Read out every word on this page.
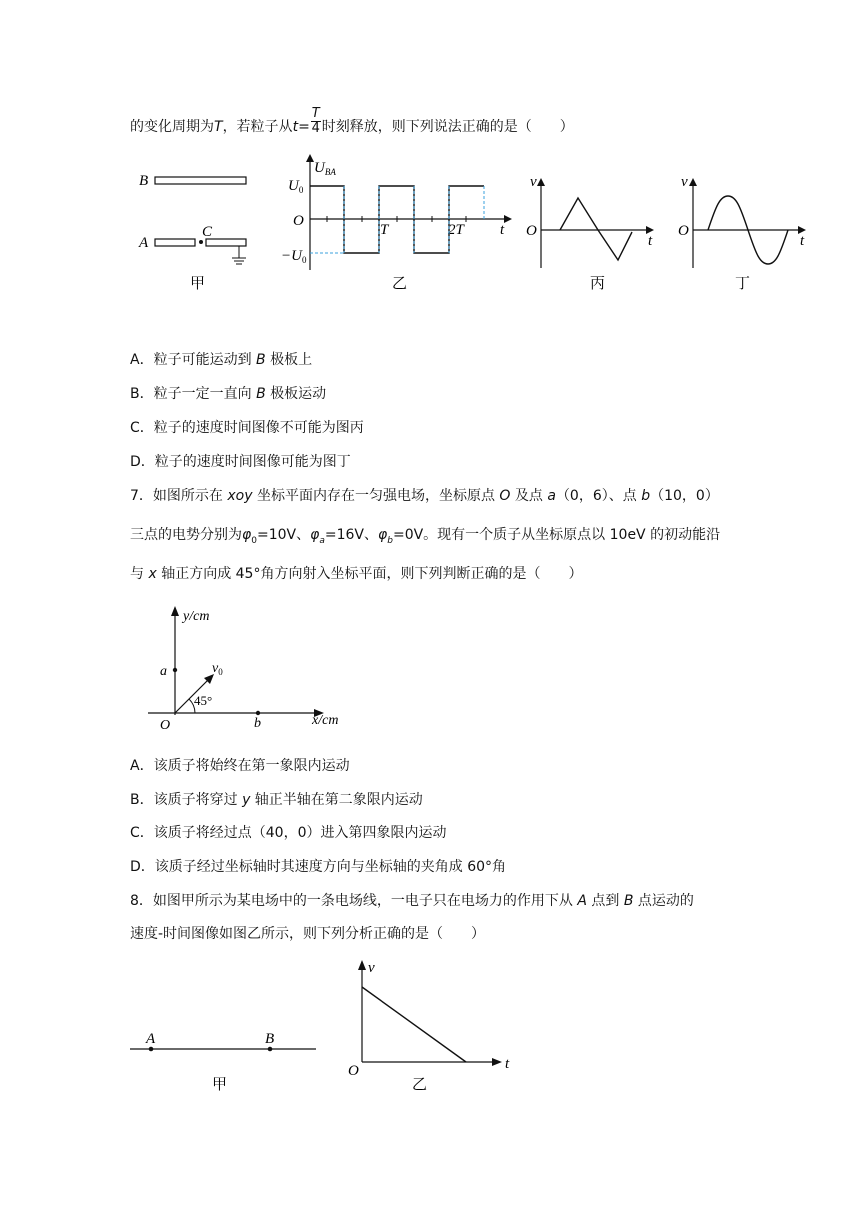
的变化周期为T，若粒子从$t= \frac{T}{4}$ 时刻释放，则下列说法正确的是（　　）
B
A
C
甲
$U_{BA}$
$U_0$
O
$-U_0$
T	2T t
乙
v
O
t
丙
v
O
t
丁
A．粒子可能运动到 B 极板上
B．粒子一定一直向 B 极板运动
C．粒子的速度时间图像不可能为图丙
D．粒子的速度时间图像可能为图丁
7．如图所示在 xoy 坐标平面内存在一匀强电场，坐标原点 O 及点 a（0，6）、点 b（10，0）
三点的电势分别为$\varphi_0=10V$、$\varphi_a=16V$、$\varphi_b=0V$。现有一个质子从坐标原点以 10eV 的初动能沿
与 x 轴正方向成 45°角方向射入坐标平面，则下列判断正确的是（　　）
y/cm
x/cm
a
b
O
$v_0$
45°
A．该质子将始终在第一象限内运动
B．该质子将穿过 y 轴正半轴在第二象限内运动
C．该质子将经过点（40，0）进入第四象限内运动
D．该质子经过坐标轴时其速度方向与坐标轴的夹角成 60°角
8．如图甲所示为某电场中的一条电场线，一电子只在电场力的作用下从 A 点到 B 点运动的
速度-时间图像如图乙所示，则下列分析正确的是（　　）
A	B
甲
v
O	t
乙
